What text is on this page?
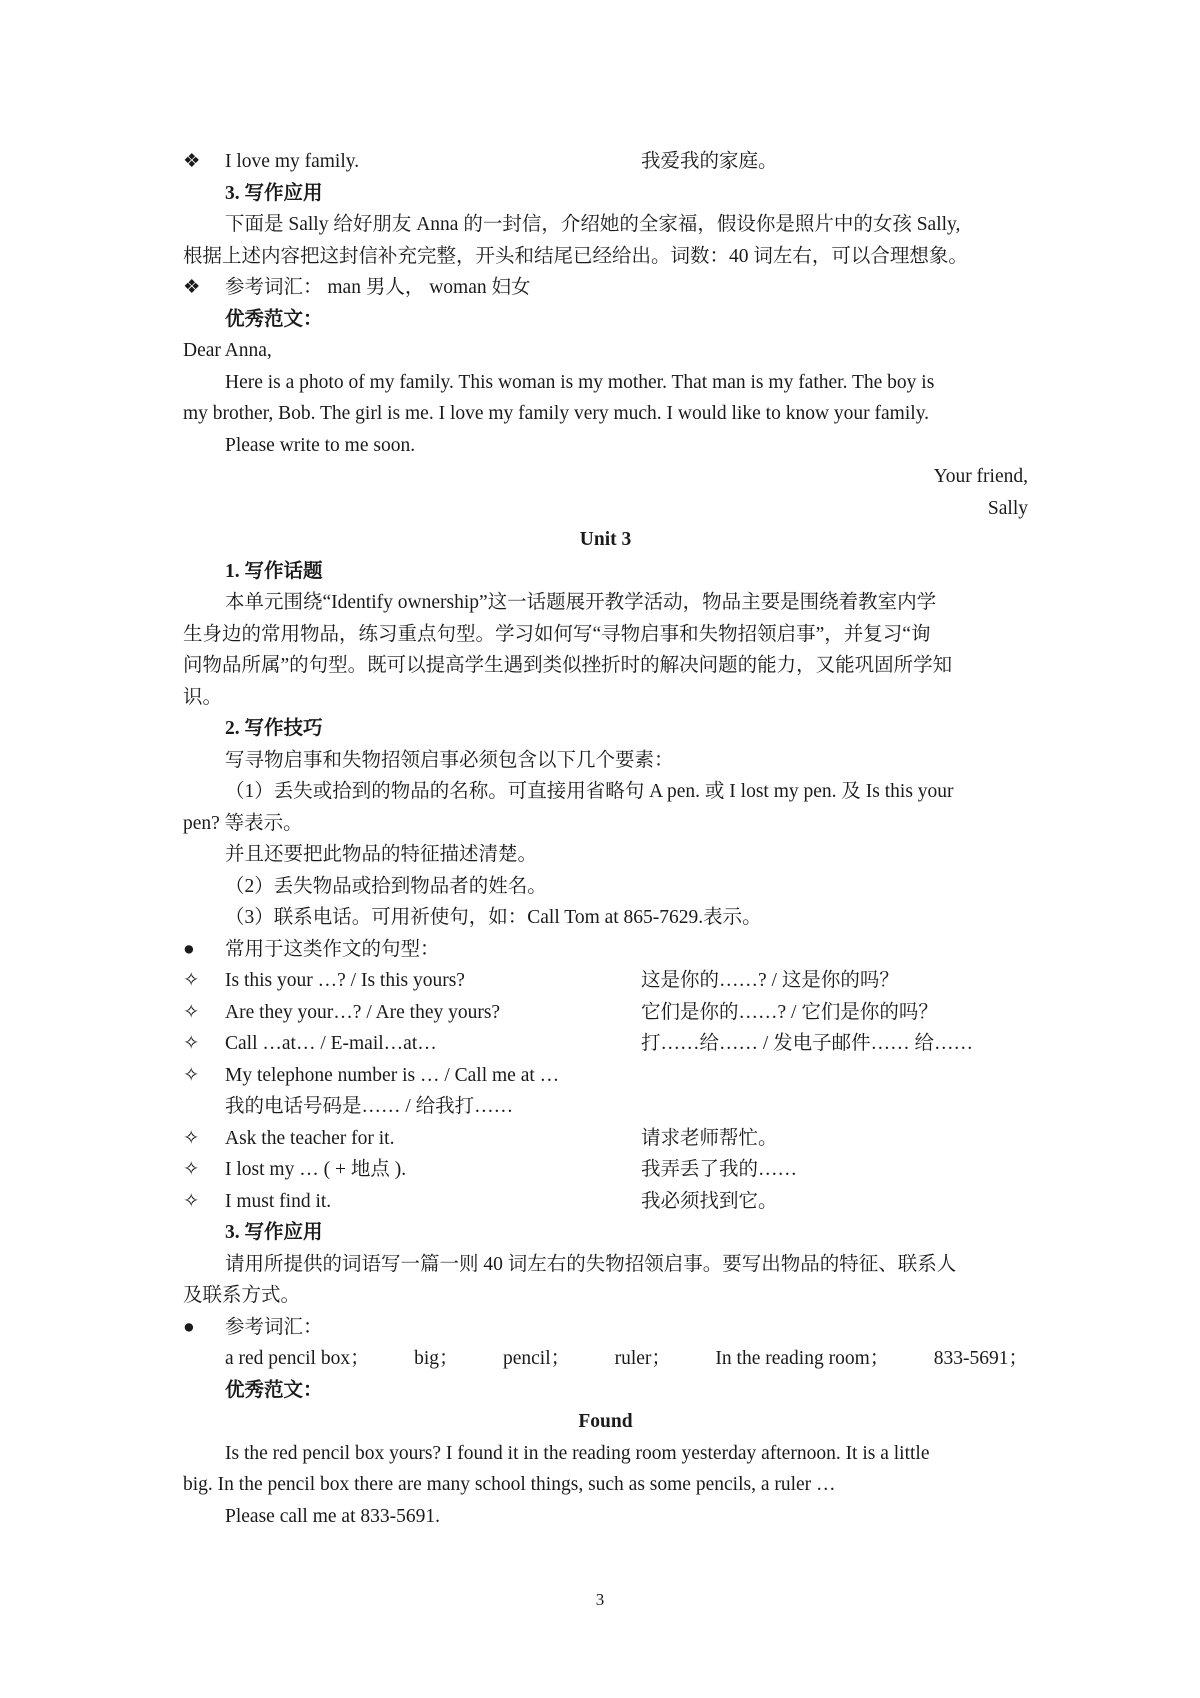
❖	I love my family.	我爱我的家庭。
3. 写作应用
下面是 Sally 给好朋友 Anna 的一封信，介绍她的全家福，假设你是照片中的女孩 Sally,
根据上述内容把这封信补充完整，开头和结尾已经给出。词数：40 词左右，可以合理想象。
❖	参考词汇： man 男人， woman 妇女
优秀范文：
Dear Anna,
Here is a photo of my family. This woman is my mother. That man is my father. The boy is
my brother, Bob. The girl is me. I love my family very much. I would like to know your family.
Please write to me soon.
Your friend,
Sally
Unit 3
1. 写作话题
本单元围绕“Identify ownership”这一话题展开教学活动，物品主要是围绕着教室内学
生身边的常用物品，练习重点句型。学习如何写“寻物启事和失物招领启事”，并复习“询
问物品所属”的句型。既可以提高学生遇到类似挫折时的解决问题的能力，又能巩固所学知
识。
2. 写作技巧
写寻物启事和失物招领启事必须包含以下几个要素：
（1）丢失或拾到的物品的名称。可直接用省略句 A pen. 或 I lost my pen. 及 Is this your
pen? 等表示。
并且还要把此物品的特征描述清楚。
（2）丢失物品或拾到物品者的姓名。
（3）联系电话。可用祈使句，如：Call Tom at 865-7629.表示。
●	常用于这类作文的句型：
✧	Is this your …? / Is this yours?	这是你的……? / 这是你的吗？
✧	Are they your…? / Are they yours?	它们是你的……? / 它们是你的吗？
✧	Call …at… / E-mail…at…	打……给…… / 发电子邮件…… 给……
✧	My telephone number is … / Call me at …
我的电话号码是…… / 给我打……
✧	Ask the teacher for it.	请求老师帮忙。
✧	I lost my … ( + 地点 ).	我弄丢了我的……
✧	I must find it.	我必须找到它。
3. 写作应用
请用所提供的词语写一篇一则 40 词左右的失物招领启事。要写出物品的特征、联系人
及联系方式。
●	参考词汇：
a red pencil box； big； pencil； ruler； In the reading room； 833-5691；
优秀范文：
Found
Is the red pencil box yours? I found it in the reading room yesterday afternoon. It is a little
big. In the pencil box there are many school things, such as some pencils, a ruler …
Please call me at 833-5691.
3
